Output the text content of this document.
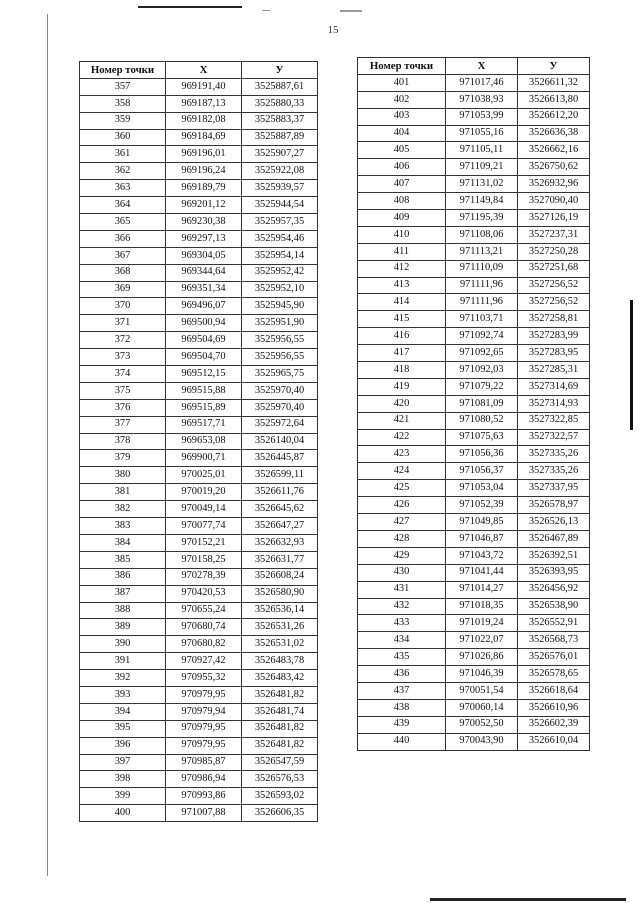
15
Номер точки	X	У
357	969191,40	3525887,61
358	969187,13	3525880,33
359	969182,08	3525883,37
360	969184,69	3525887,89
361	969196,01	3525907,27
362	969196,24	3525922,08
363	969189,79	3525939,57
364	969201,12	3525944,54
365	969230,38	3525957,35
366	969297,13	3525954,46
367	969304,05	3525954,14
368	969344,64	3525952,42
369	969351,34	3525952,10
370	969496,07	3525945,90
371	969500,94	3525951,90
372	969504,69	3525956,55
373	969504,70	3525956,55
374	969512,15	3525965,75
375	969515,88	3525970,40
376	969515,89	3525970,40
377	969517,71	3525972,64
378	969653,08	3526140,04
379	969900,71	3526445,87
380	970025,01	3526599,11
381	970019,20	3526611,76
382	970049,14	3526645,62
383	970077,74	3526647,27
384	970152,21	3526632,93
385	970158,25	3526631,77
386	970278,39	3526608,24
387	970420,53	3526580,90
388	970655,24	3526536,14
389	970680,74	3526531,26
390	970680,82	3526531,02
391	970927,42	3526483,78
392	970955,32	3526483,42
393	970979,95	3526481,82
394	970979,94	3526481,74
395	970979,95	3526481,82
396	970979,95	3526481,82
397	970985,87	3526547,59
398	970986,94	3526576,53
399	970993,86	3526593,02
400	971007,88	3526606,35
Номер точки	X	У
401	971017,46	3526611,32
402	971038,93	3526613,80
403	971053,99	3526612,20
404	971055,16	3526636,38
405	971105,11	3526662,16
406	971109,21	3526750,62
407	971131,02	3526932,96
408	971149,84	3527090,40
409	971195,39	3527126,19
410	971108,06	3527237,31
411	971113,21	3527250,28
412	971110,09	3527251,68
413	971111,96	3527256,52
414	971111,96	3527256,52
415	971103,71	3527258,81
416	971092,74	3527283,99
417	971092,65	3527283,95
418	971092,03	3527285,31
419	971079,22	3527314,69
420	971081,09	3527314,93
421	971080,52	3527322,85
422	971075,63	3527322,57
423	971056,36	3527335,26
424	971056,37	3527335,26
425	971053,04	3527337,95
426	971052,39	3526578,97
427	971049,85	3526526,13
428	971046,87	3526467,89
429	971043,72	3526392,51
430	971041,44	3526393,95
431	971014,27	3526456,92
432	971018,35	3526538,90
433	971019,24	3526552,91
434	971022,07	3526568,73
435	971026,86	3526576,01
436	971046,39	3526578,65
437	970051,54	3526618,64
438	970060,14	3526610,96
439	970052,50	3526602,39
440	970043,90	3526610,04
